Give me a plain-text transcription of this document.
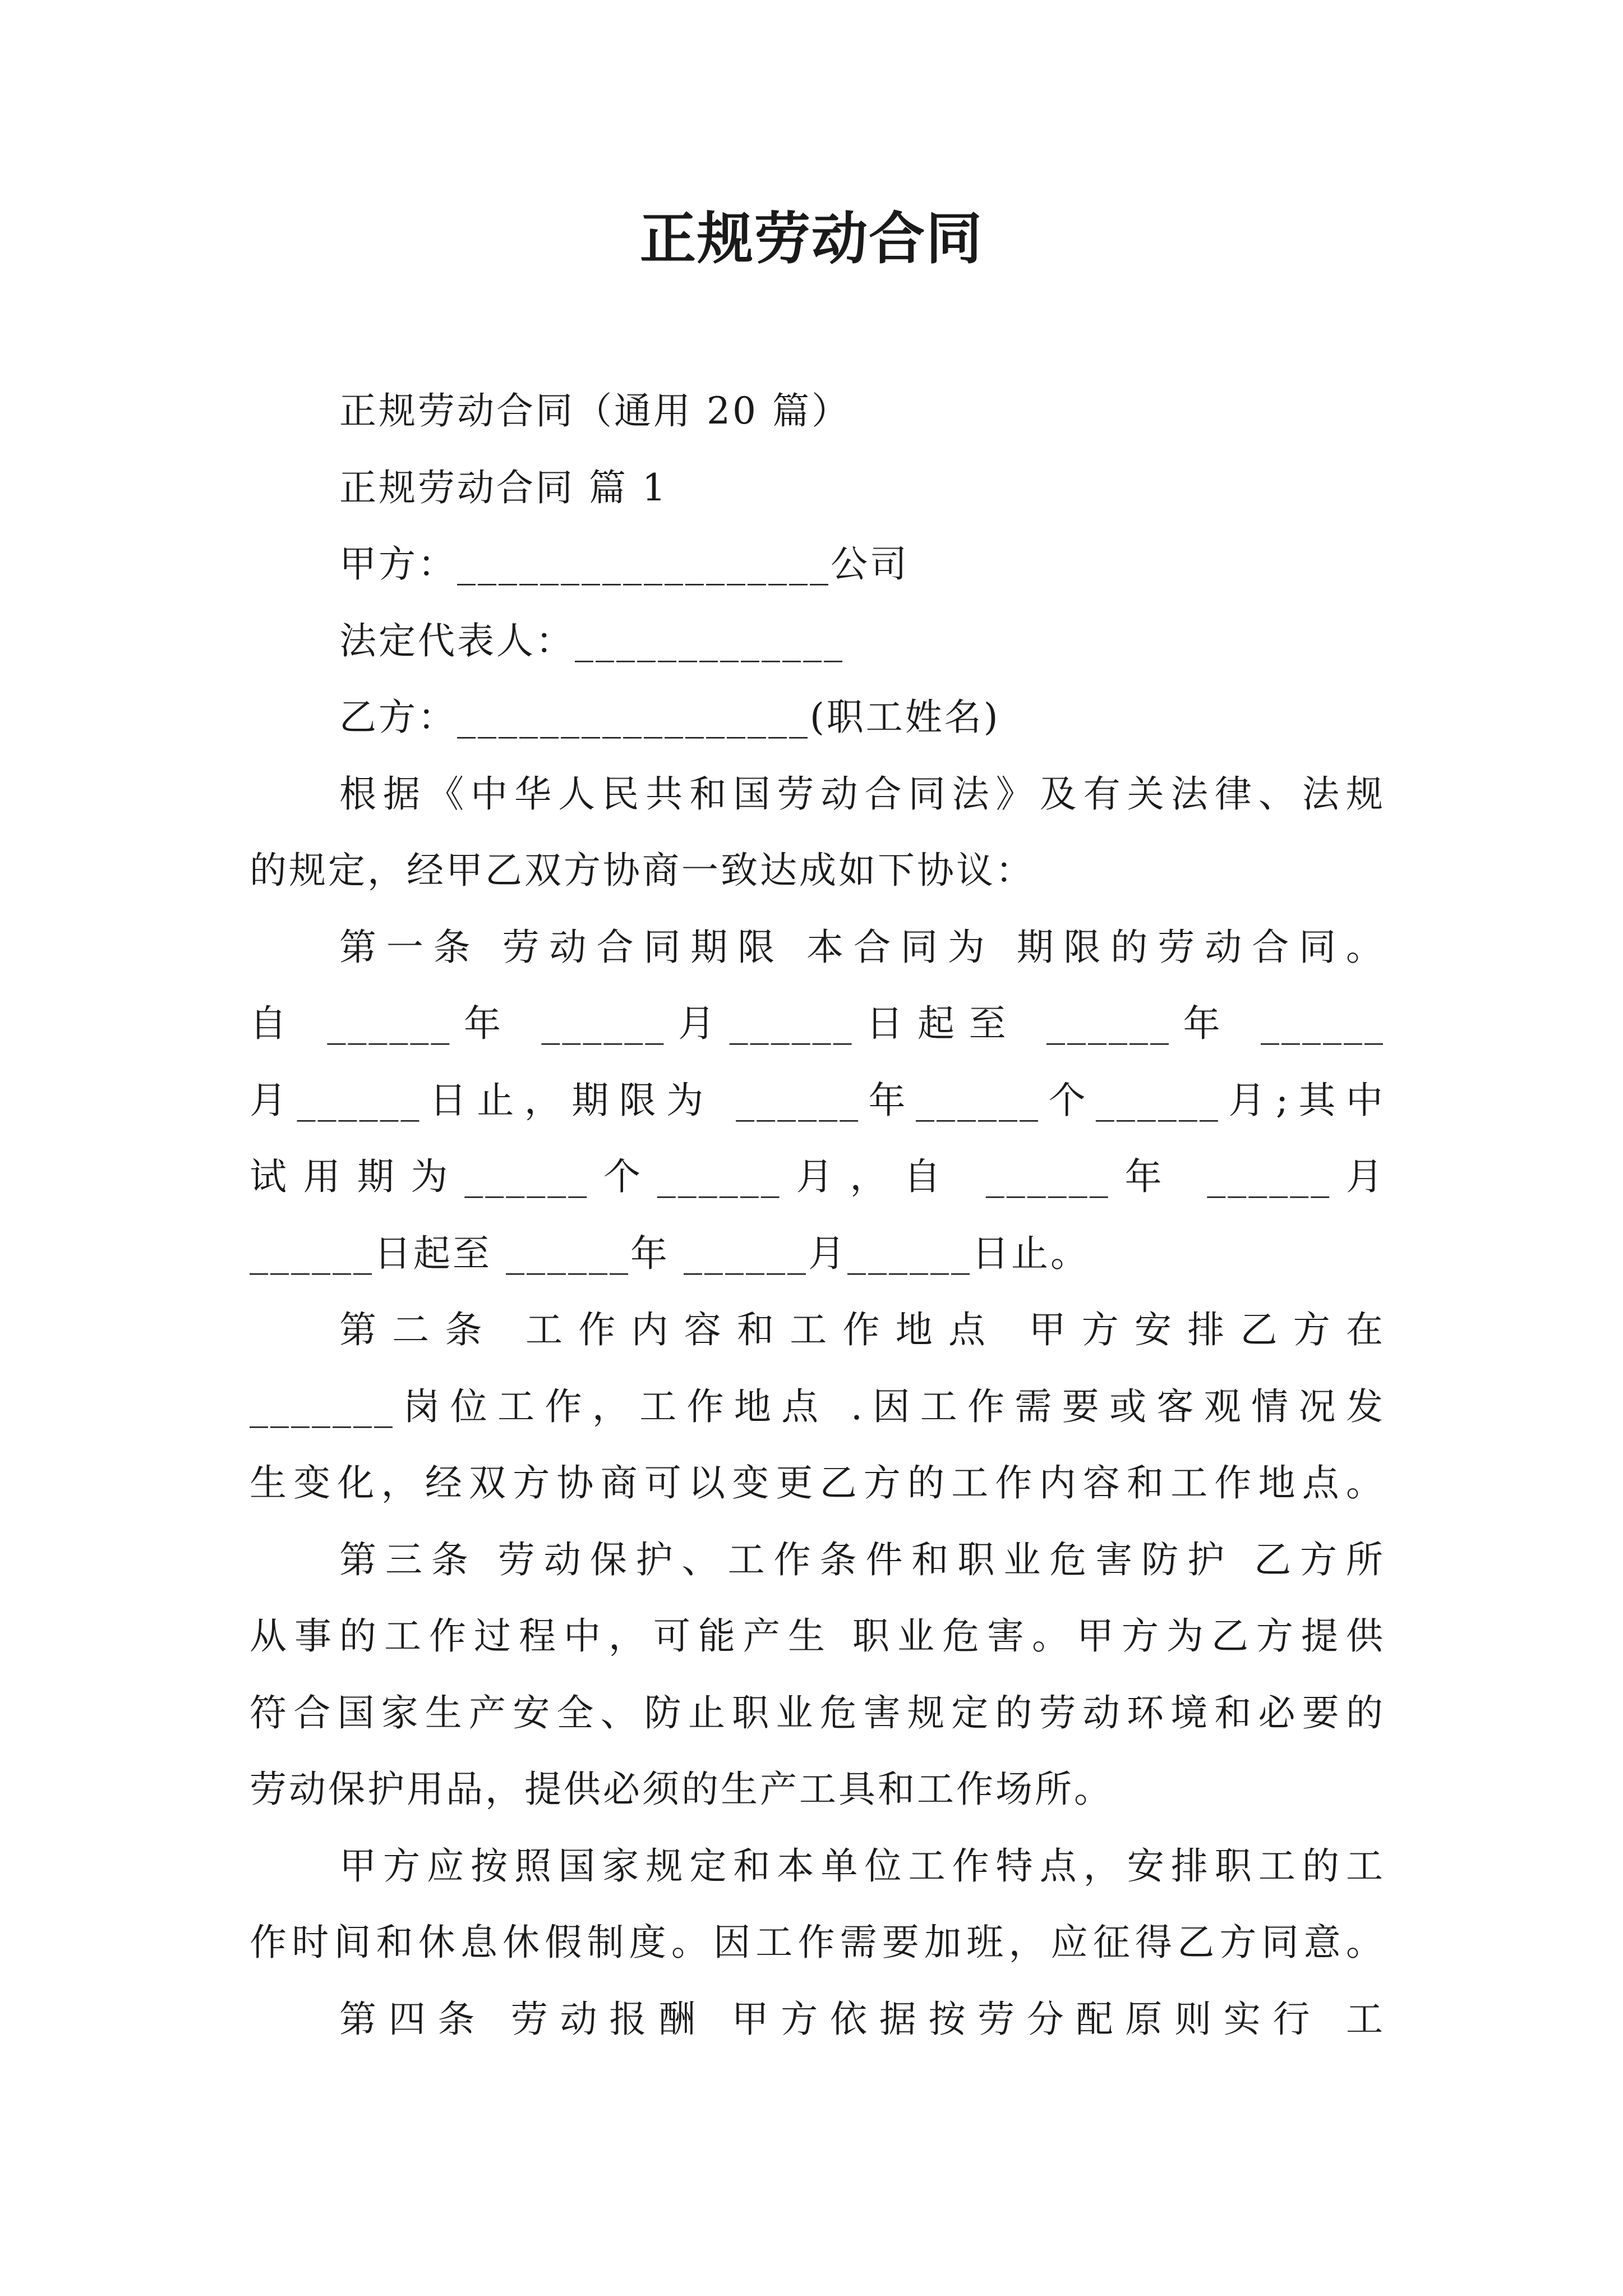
正规劳动合同
正规劳动合同（通用 20 篇）
正规劳动合同 篇 1
甲方：__________________公司
法定代表人：_____________
乙方：_________________(职工姓名)
根据《中华人民共和国劳动合同法》及有关法律、法规
的规定，经甲乙双方协商一致达成如下协议：
第一条 劳动合同期限 本合同为 期限的劳动合同。
自 ______年 ______月______日起至 ______年 ______
月______日止，期限为 ______年______个______月;其中
试用期为______个______月，自 ______年 ______月
______日起至 ______年 ______月______日止。
第二条 工作内容和工作地点 甲方安排乙方在
_______岗位工作，工作地点 .因工作需要或客观情况发
生变化，经双方协商可以变更乙方的工作内容和工作地点。
第三条 劳动保护、工作条件和职业危害防护 乙方所
从事的工作过程中，可能产生 职业危害。甲方为乙方提供
符合国家生产安全、防止职业危害规定的劳动环境和必要的
劳动保护用品，提供必须的生产工具和工作场所。
甲方应按照国家规定和本单位工作特点，安排职工的工
作时间和休息休假制度。因工作需要加班，应征得乙方同意。
第四条 劳动报酬 甲方依据按劳分配原则实行 工
